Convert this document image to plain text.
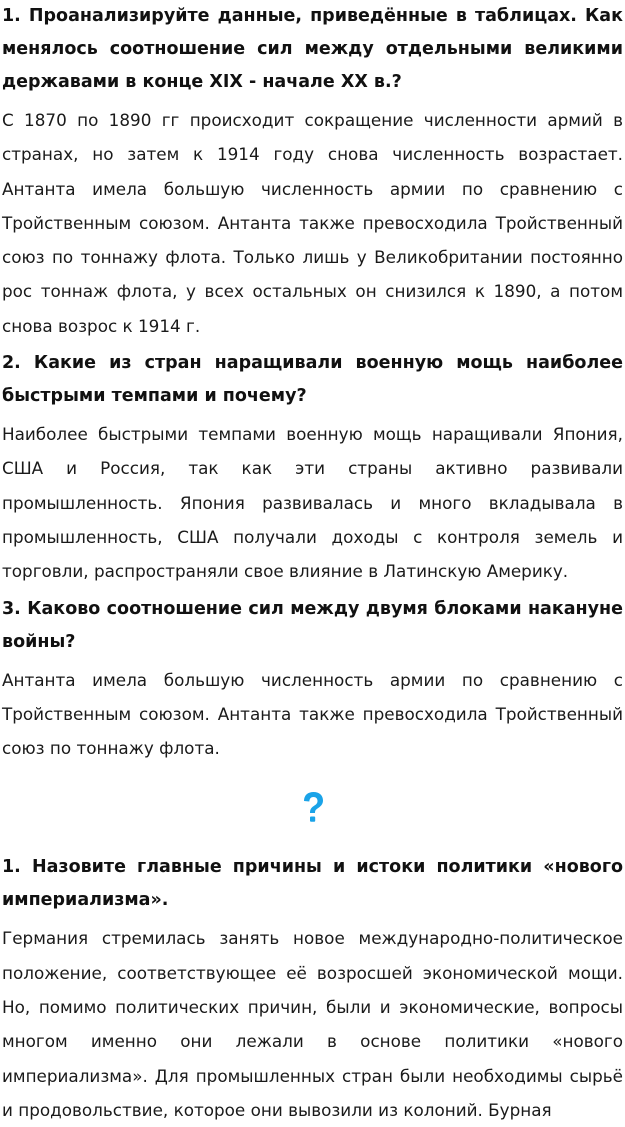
1. Проанализируйте данные, приведённые в таблицах. Как менялось соотношение сил между отдельными великими державами в конце XIX - начале XX в.?

С 1870 по 1890 гг происходит сокращение численности армий в странах, но затем к 1914 году снова численность возрастает. Антанта имела большую численность армии по сравнению с Тройственным союзом. Антанта также превосходила Тройственный союз по тоннажу флота. Только лишь у Великобритании постоянно рос тоннаж флота, у всех остальных он снизился к 1890, а потом снова возрос к 1914 г.

2. Какие из стран наращивали военную мощь наиболее быстрыми темпами и почему?

Наиболее быстрыми темпами военную мощь наращивали Япония, США и Россия, так как эти страны активно развивали промышленность. Япония развивалась и много вкладывала в промышленность, США получали доходы с контроля земель и торговли, распространяли свое влияние в Латинскую Америку.

3. Каково соотношение сил между двумя блоками накануне войны?

Антанта имела большую численность армии по сравнению с Тройственным союзом. Антанта также превосходила Тройственный союз по тоннажу флота.

1. Назовите главные причины и истоки политики «нового империализма».

Германия стремилась занять новое международно-политическое положение, соответствующее её возросшей экономической мощи. Но, помимо политических причин, были и экономические, вопросы многом именно они лежали в основе политики «нового империализма». Для промышленных стран были необходимы сырьё и продовольствие, которое они вывозили из колоний. Бурная
